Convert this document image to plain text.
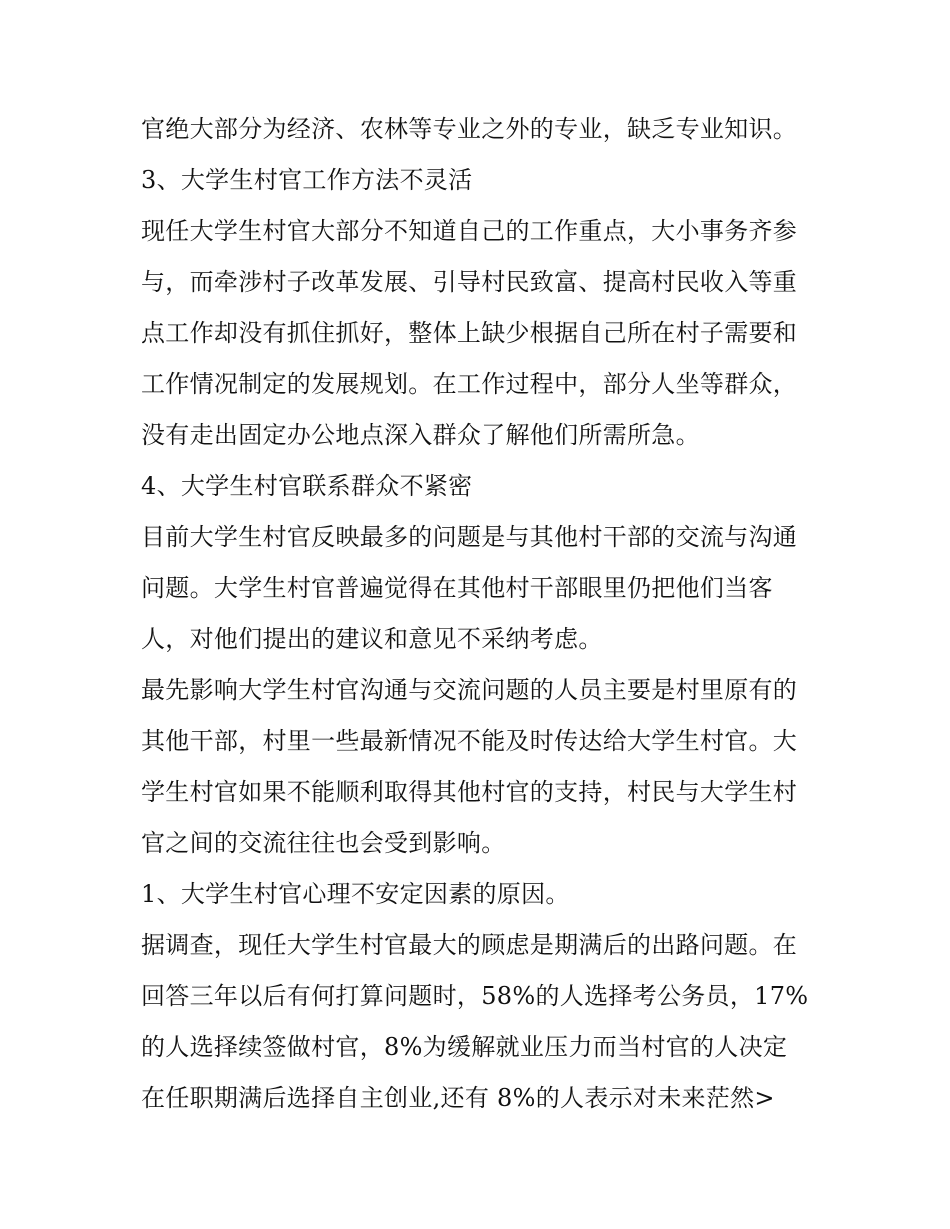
官绝大部分为经济、农林等专业之外的专业，缺乏专业知识。
3、大学生村官工作方法不灵活
现任大学生村官大部分不知道自己的工作重点，大小事务齐参
与，而牵涉村子改革发展、引导村民致富、提高村民收入等重
点工作却没有抓住抓好，整体上缺少根据自己所在村子需要和
工作情况制定的发展规划。在工作过程中，部分人坐等群众，
没有走出固定办公地点深入群众了解他们所需所急。
4、大学生村官联系群众不紧密
目前大学生村官反映最多的问题是与其他村干部的交流与沟通
问题。大学生村官普遍觉得在其他村干部眼里仍把他们当客
人，对他们提出的建议和意见不采纳考虑。
最先影响大学生村官沟通与交流问题的人员主要是村里原有的
其他干部，村里一些最新情况不能及时传达给大学生村官。大
学生村官如果不能顺利取得其他村官的支持，村民与大学生村
官之间的交流往往也会受到影响。
1、大学生村官心理不安定因素的原因。
据调查，现任大学生村官最大的顾虑是期满后的出路问题。在
回答三年以后有何打算问题时，58%的人选择考公务员，17%
的人选择续签做村官，8%为缓解就业压力而当村官的人决定
在任职期满后选择自主创业,还有 8%的人表示对未来茫然>
